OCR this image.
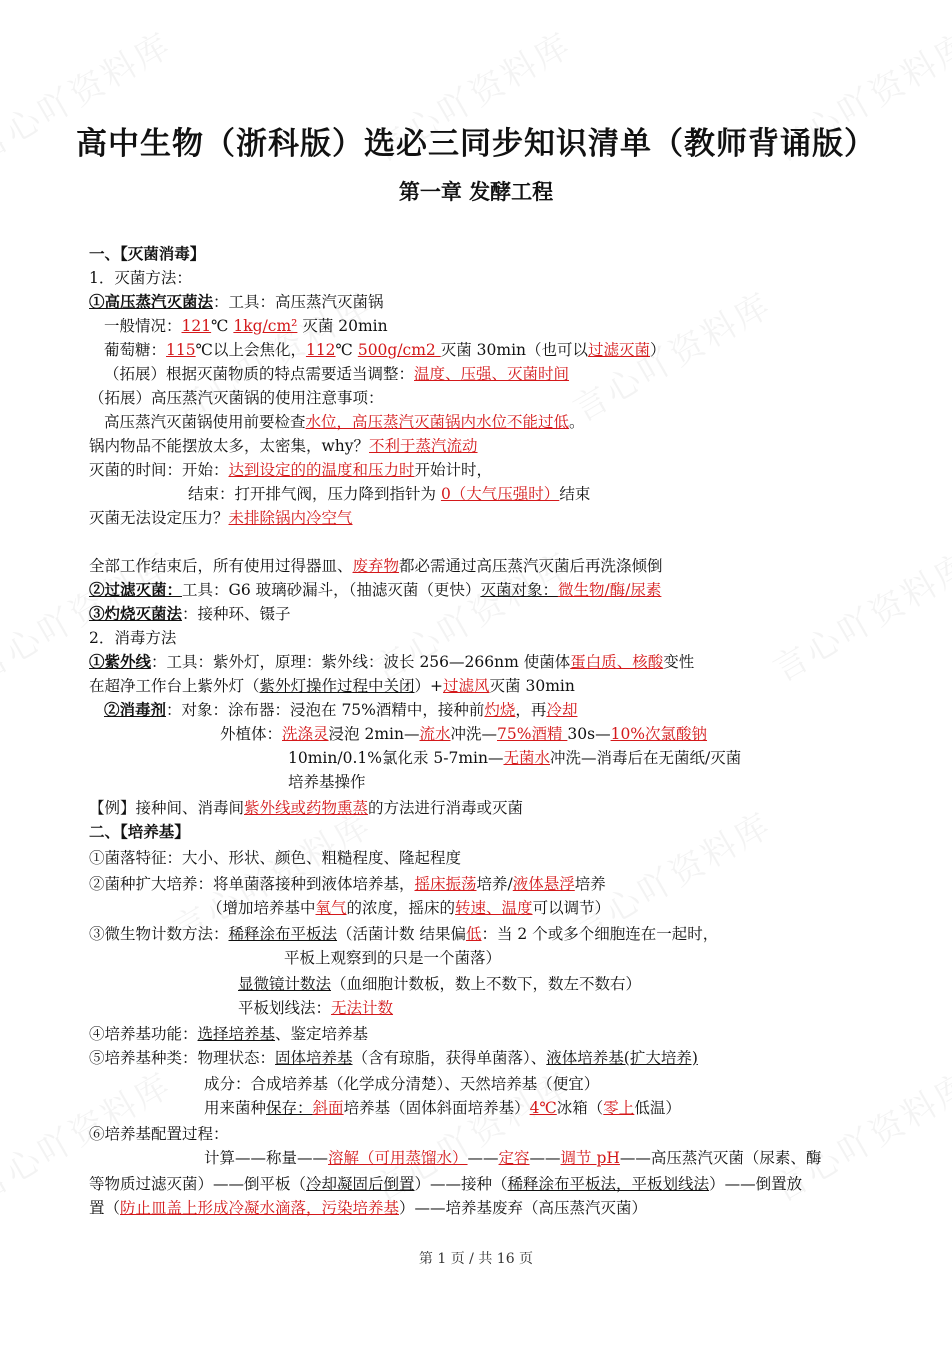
高中生物（浙科版）选必三同步知识清单（教师背诵版）
第一章 发酵工程
一、【灭菌消毒】
1．灭菌方法：
①高压蒸汽灭菌法：工具：高压蒸汽灭菌锅
一般情况：121℃ 1kg/cm² 灭菌 20min
葡萄糖：115℃以上会焦化，112℃ 500g/cm2 灭菌 30min（也可以过滤灭菌）
（拓展）根据灭菌物质的特点需要适当调整：温度、压强、灭菌时间
（拓展）高压蒸汽灭菌锅的使用注意事项：
高压蒸汽灭菌锅使用前要检查水位，高压蒸汽灭菌锅内水位不能过低。
锅内物品不能摆放太多，太密集，why？不利于蒸汽流动
灭菌的时间：开始：达到设定的的温度和压力时开始计时，
结束：打开排气阀，压力降到指针为 0（大气压强时）结束
灭菌无法设定压力？未排除锅内冷空气
全部工作结束后，所有使用过得器皿、废弃物都必需通过高压蒸汽灭菌后再洗涤倾倒
②过滤灭菌：工具：G6 玻璃砂漏斗，（抽滤灭菌（更快）灭菌对象：微生物/酶/尿素
③灼烧灭菌法：接种环、镊子
2．消毒方法
①紫外线：工具：紫外灯，原理：紫外线：波长 256—266nm 使菌体蛋白质、核酸变性
在超净工作台上紫外灯（紫外灯操作过程中关闭）+过滤风灭菌 30min
②消毒剂：对象：涂布器：浸泡在 75%酒精中，接种前灼烧，再冷却
外植体：洗涤灵浸泡 2min—流水冲洗—75%酒精 30s—10%次氯酸钠
10min/0.1%氯化汞 5-7min—无菌水冲洗—消毒后在无菌纸/灭菌
培养基操作
【例】接种间、消毒间紫外线或药物熏蒸的方法进行消毒或灭菌
二、【培养基】
①菌落特征：大小、形状、颜色、粗糙程度、隆起程度
②菌种扩大培养：将单菌落接种到液体培养基，摇床振荡培养/液体悬浮培养
（增加培养基中氧气的浓度，摇床的转速、温度可以调节）
③微生物计数方法：稀释涂布平板法（活菌计数 结果偏低：当 2 个或多个细胞连在一起时，
平板上观察到的只是一个菌落）
显微镜计数法（血细胞计数板，数上不数下，数左不数右）
平板划线法：无法计数
④培养基功能：选择培养基、鉴定培养基
⑤培养基种类：物理状态：固体培养基（含有琼脂，获得单菌落）、液体培养基(扩大培养)
成分：合成培养基（化学成分清楚）、天然培养基（便宜）
用来菌种保存：斜面培养基（固体斜面培养基）4℃冰箱（零上低温）
⑥培养基配置过程：
计算——称量——溶解（可用蒸馏水）——定容——调节 pH——高压蒸汽灭菌（尿素、酶
等物质过滤灭菌）——倒平板（冷却凝固后倒置）——接种（稀释涂布平板法，平板划线法）——倒置放
置（防止皿盖上形成冷凝水滴落，污染培养基）——培养基废弃（高压蒸汽灭菌）
第 1 页 / 共 16 页
